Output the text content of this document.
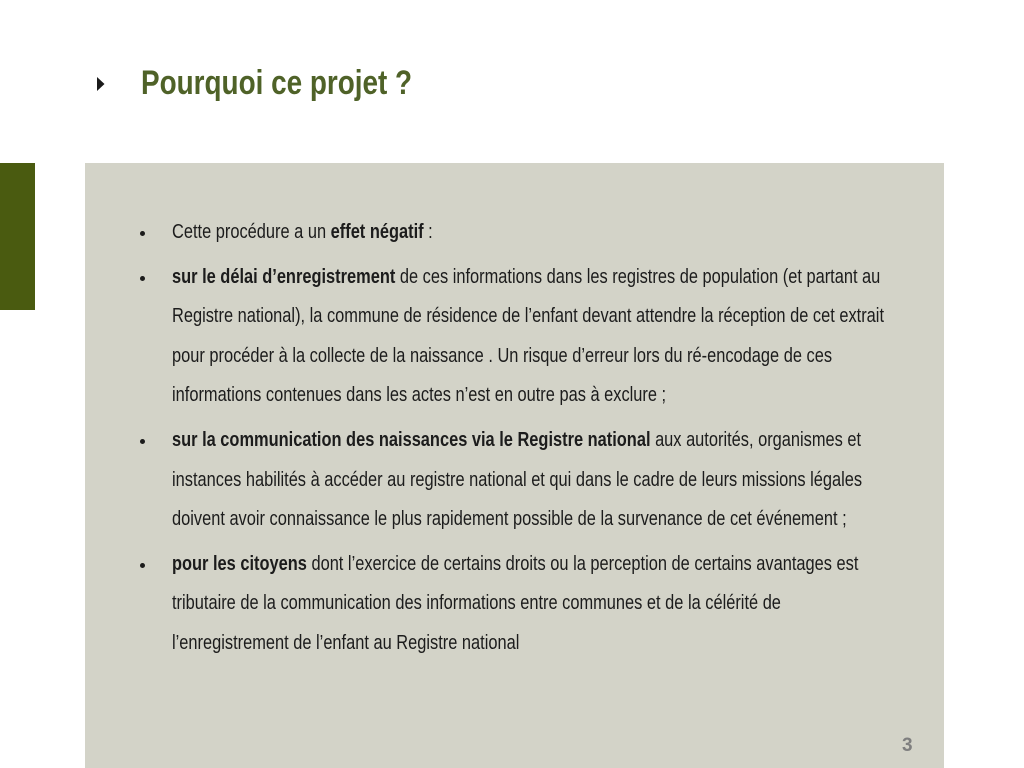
Pourquoi ce projet ?
Cette procédure a un effet négatif :
sur le délai d’enregistrement de ces informations dans les registres de population (et partant au
Registre national), la commune de résidence de l’enfant devant attendre la réception de cet extrait
pour procéder à la collecte de la naissance . Un risque d’erreur lors du ré-encodage de ces
informations contenues dans les actes n’est en outre pas à exclure ;
sur la communication des naissances via le Registre national aux autorités, organismes et
instances habilités à accéder au registre national et qui dans le cadre de leurs missions légales
doivent avoir connaissance le plus rapidement possible de la survenance de cet événement ;
pour les citoyens dont l’exercice de certains droits ou la perception de certains avantages est
tributaire de la communication des informations entre communes et de la célérité de
l’enregistrement de l’enfant au Registre national
3
